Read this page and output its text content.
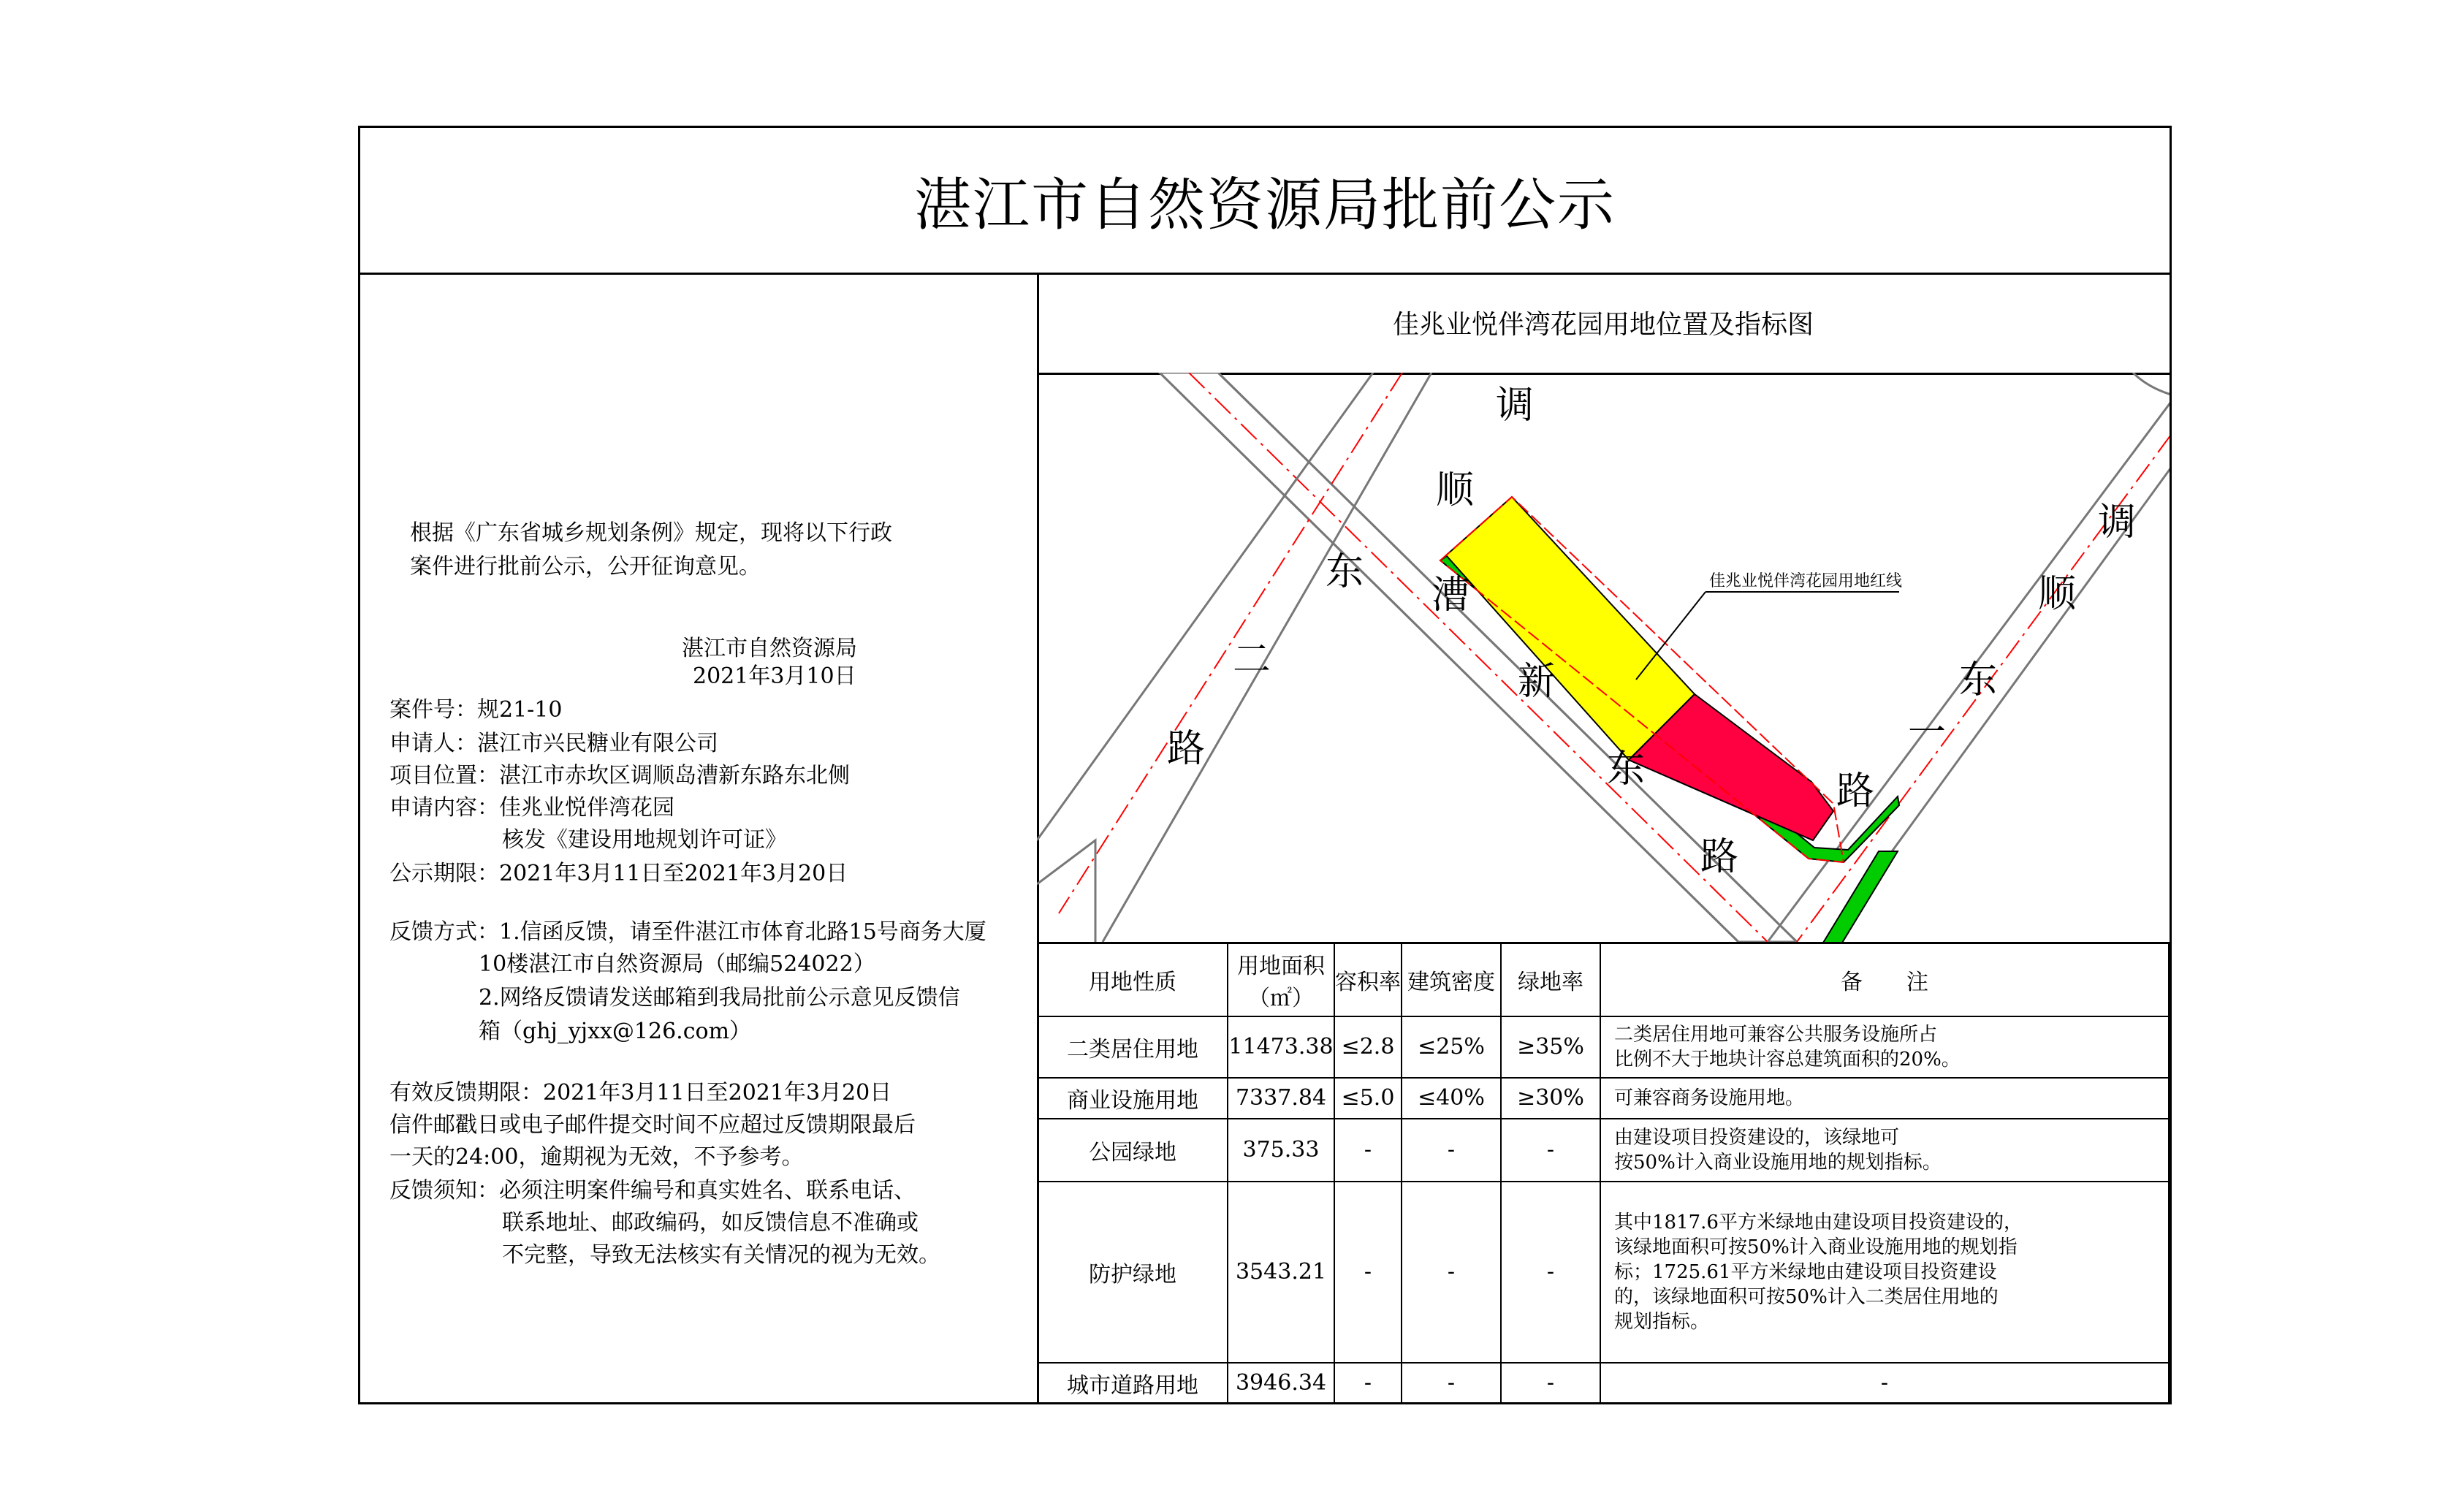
湛江市自然资源局批前公示
根据《广东省城乡规划条例》规定，现将以下行政
案件进行批前公示，公开征询意见。
湛江市自然资源局
2021年3月10日
案件号：规21-10
申请人：湛江市兴民糖业有限公司
项目位置：湛江市赤坎区调顺岛漕新东路东北侧
申请内容：佳兆业悦伴湾花园
核发《建设用地规划许可证》
公示期限：2021年3月11日至2021年3月20日
反馈方式：1.信函反馈，请至件湛江市体育北路15号商务大厦
10楼湛江市自然资源局（邮编524022）
2.网络反馈请发送邮箱到我局批前公示意见反馈信
箱（ghj_yjxx@126.com）
有效反馈期限：2021年3月11日至2021年3月20日
信件邮戳日或电子邮件提交时间不应超过反馈期限最后
一天的24:00，逾期视为无效，不予参考。
反馈须知：必须注明案件编号和真实姓名、联系电话、
联系地址、邮政编码，如反馈信息不准确或
不完整，导致无法核实有关情况的视为无效。
佳兆业悦伴湾花园用地位置及指标图
佳兆业悦伴湾花园用地红线
调
顺
东
二
路
漕
新
东
路
调
顺
东
一
路
用地性质	用地面积
（㎡）	容积率	建筑密度	绿地率	备　　注
二类居住用地	11473.38	≤2.8	≤25%	≥35%	二类居住用地可兼容公共服务设施所占
比例不大于地块计容总建筑面积的20%。

商业设施用地	7337.84	≤5.0	≤40%	≥30%	可兼容商务设施用地。

公园绿地	375.33	-	-	-	由建设项目投资建设的，该绿地可
按50%计入商业设施用地的规划指标。

防护绿地	3543.21	-	-	-	其中1817.6平方米绿地由建设项目投资建设的，
该绿地面积可按50%计入商业设施用地的规划指
标；1725.61平方米绿地由建设项目投资建设
的，该绿地面积可按50%计入二类居住用地的
规划指标。

城市道路用地	3946.34	-	-	-	-
